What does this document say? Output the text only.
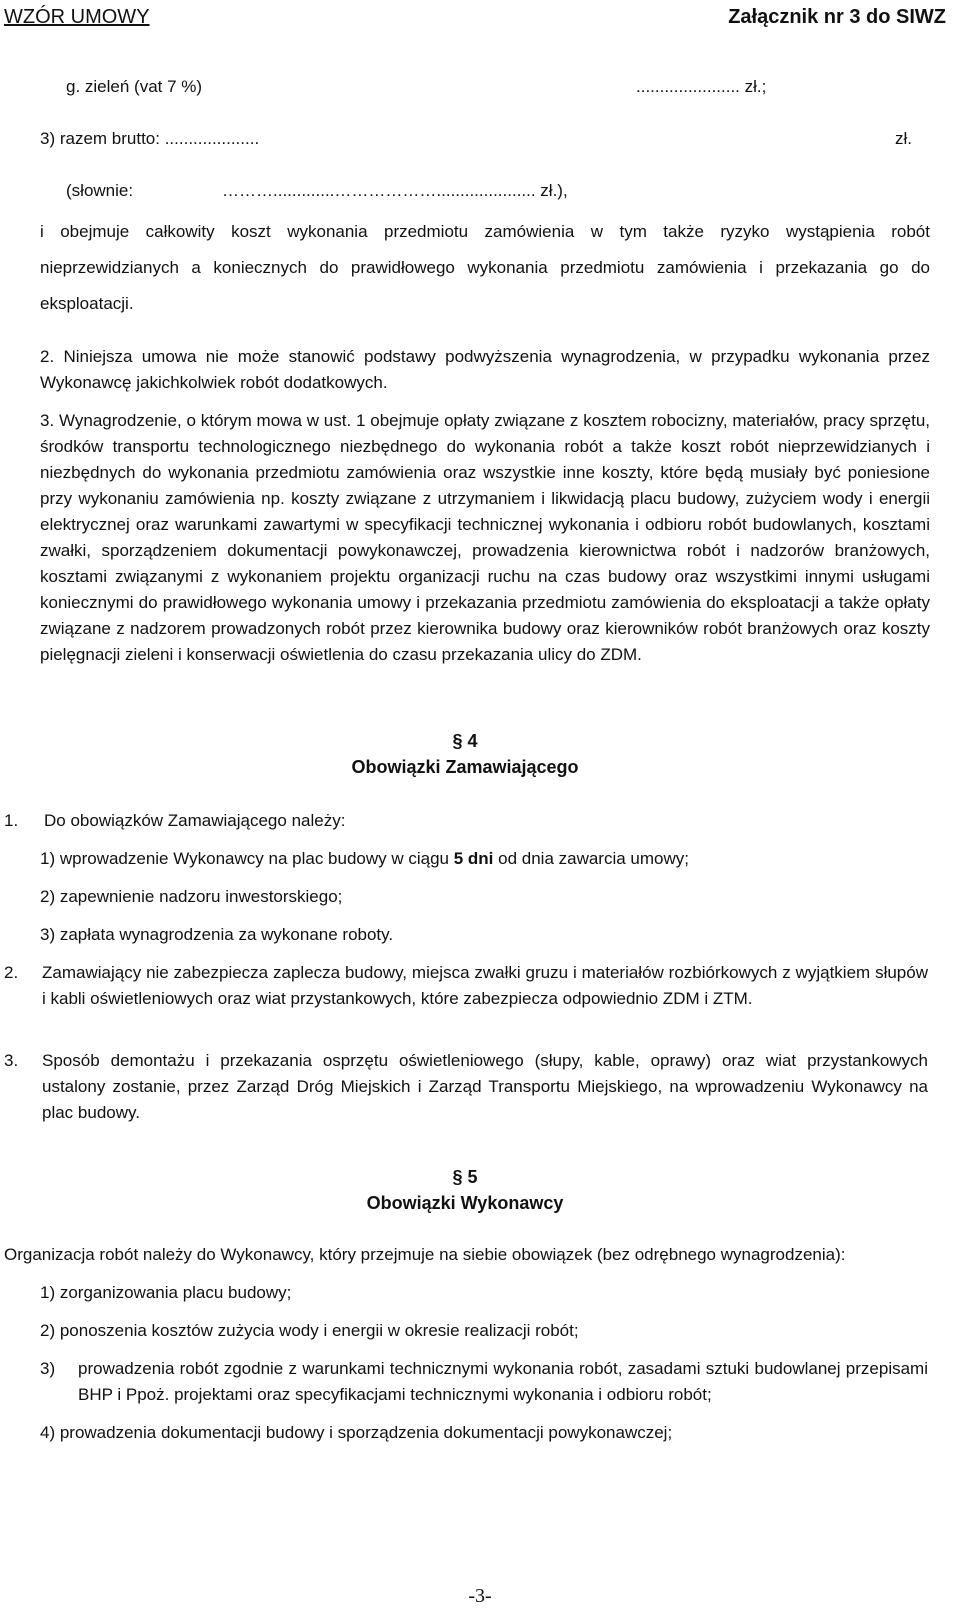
WZÓR UMOWY	Załącznik nr 3 do SIWZ
g. zieleń (vat 7 %)	...................... zł.;
3) razem brutto: ....................	zł.
(słownie:	……….............………………..................... zł.),

i obejmuje całkowity koszt wykonania przedmiotu zamówienia w tym także ryzyko wystąpienia robót nieprzewidzianych a koniecznych do prawidłowego wykonania przedmiotu zamówienia i przekazania go do eksploatacji.

2. Niniejsza umowa nie może stanowić podstawy podwyższenia wynagrodzenia, w przypadku wykonania przez Wykonawcę jakichkolwiek robót dodatkowych.

3. Wynagrodzenie, o którym mowa w ust. 1 obejmuje opłaty związane z kosztem robocizny, materiałów, pracy sprzętu, środków transportu technologicznego niezbędnego do wykonania robót a także koszt robót nieprzewidzianych i niezbędnych do wykonania przedmiotu zamówienia oraz wszystkie inne koszty, które będą musiały być poniesione przy wykonaniu zamówienia np. koszty związane z utrzymaniem i likwidacją placu budowy, zużyciem wody i energii elektrycznej oraz warunkami zawartymi w specyfikacji technicznej wykonania i odbioru robót budowlanych, kosztami zwałki, sporządzeniem dokumentacji powykonawczej, prowadzenia kierownictwa robót i nadzorów branżowych, kosztami związanymi z wykonaniem projektu organizacji ruchu na czas budowy oraz wszystkimi innymi usługami koniecznymi do prawidłowego wykonania umowy i przekazania przedmiotu zamówienia do eksploatacji a także opłaty związane z nadzorem prowadzonych robót przez kierownika budowy oraz kierowników robót branżowych oraz koszty pielęgnacji zieleni i konserwacji oświetlenia do czasu przekazania ulicy do ZDM.

§ 4
Obowiązki Zamawiającego
1. Do obowiązków Zamawiającego należy:
1) wprowadzenie Wykonawcy na plac budowy w ciągu 5 dni od dnia zawarcia umowy;
2) zapewnienie nadzoru inwestorskiego;
3) zapłata wynagrodzenia za wykonane roboty.
2. Zamawiający nie zabezpiecza zaplecza budowy, miejsca zwałki gruzu i materiałów rozbiórkowych z wyjątkiem słupów i kabli oświetleniowych oraz wiat przystankowych, które zabezpiecza odpowiednio ZDM i ZTM.

3. Sposób demontażu i przekazania osprzętu oświetleniowego (słupy, kable, oprawy) oraz wiat przystankowych ustalony zostanie, przez Zarząd Dróg Miejskich i Zarząd Transportu Miejskiego, na wprowadzeniu Wykonawcy na plac budowy.

§ 5
Obowiązki Wykonawcy
Organizacja robót należy do Wykonawcy, który przejmuje na siebie obowiązek (bez odrębnego wynagrodzenia):
1) zorganizowania placu budowy;
2) ponoszenia kosztów zużycia wody i energii w okresie realizacji robót;
3) prowadzenia robót zgodnie z warunkami technicznymi wykonania robót, zasadami sztuki budowlanej przepisami BHP i Ppoż. projektami oraz specyfikacjami technicznymi wykonania i odbioru robót;

4) prowadzenia dokumentacji budowy i sporządzenia dokumentacji powykonawczej;
-3-
